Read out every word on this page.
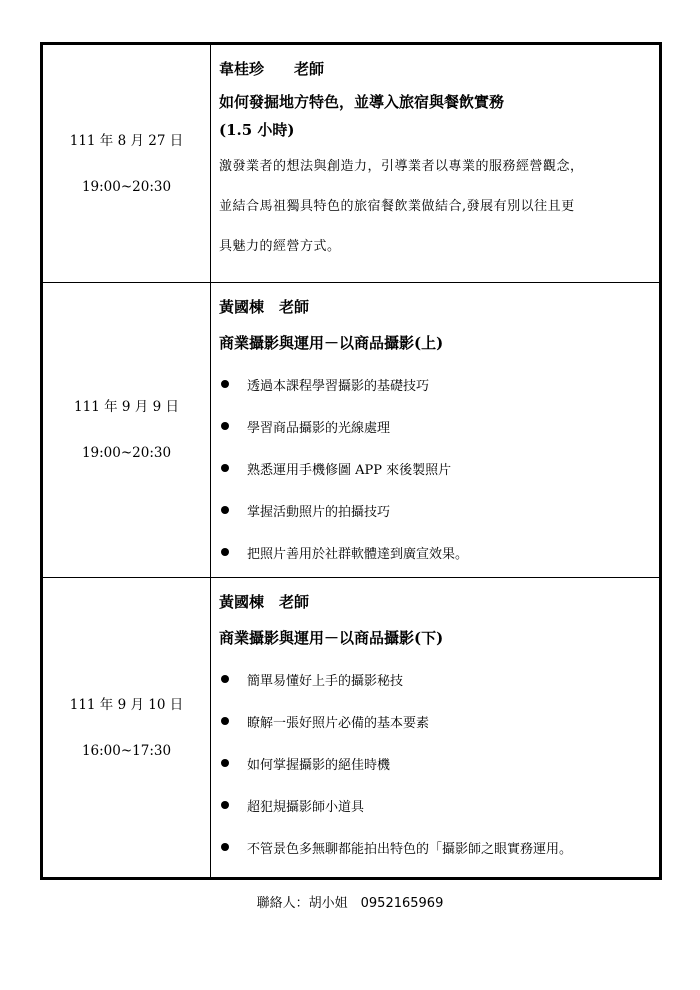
111 年 8 月 27 日
19:00~20:30
韋桂珍　　老師
如何發掘地方特色，並導入旅宿與餐飲實務
(1.5 小時)
激發業者的想法與創造力，引導業者以專業的服務經營觀念，
並結合馬祖獨具特色的旅宿餐飲業做結合,發展有別以往且更
具魅力的經營方式。
111 年 9 月 9 日
19:00~20:30
黃國棟　老師
商業攝影與運用－以商品攝影(上)
透過本課程學習攝影的基礎技巧
學習商品攝影的光線處理
熟悉運用手機修圖 APP 來後製照片
掌握活動照片的拍攝技巧
把照片善用於社群軟體達到廣宣效果。
111 年 9 月 10 日
16:00~17:30
黃國棟　老師
商業攝影與運用－以商品攝影(下)
簡單易懂好上手的攝影秘技
瞭解一張好照片必備的基本要素
如何掌握攝影的絕佳時機
超犯規攝影師小道具
不管景色多無聊都能拍出特色的「攝影師之眼實務運用。
聯絡人：胡小姐　0952165969
